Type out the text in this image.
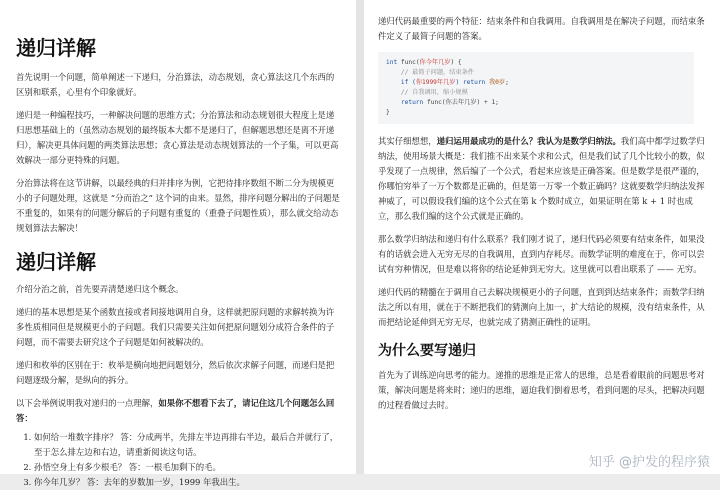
递归详解

首先说明一个问题，简单阐述一下递归，分治算法，动态规划，贪心算法这几个东西的区别和联系，心里有个印象就好。

递归是一种编程技巧，一种解决问题的思维方式；分治算法和动态规划很大程度上是递归思想基础上的（虽然动态规划的最终版本大都不是递归了，但解题思想还是离不开递归），解决更具体问题的两类算法思想；贪心算法是动态规划算法的一个子集，可以更高效解决一部分更特殊的问题。

分治算法将在这节讲解，以最经典的归并排序为例，它把待排序数组不断二分为规模更小的子问题处理，这就是 “分而治之” 这个词的由来。显然，排序问题分解出的子问题是不重复的，如果有的问题分解后的子问题有重复的（重叠子问题性质），那么就交给动态规划算法去解决！

递归详解

介绍分治之前，首先要弄清楚递归这个概念。

递归的基本思想是某个函数直接或者间接地调用自身，这样就把原问题的求解转换为许多性质相同但是规模更小的子问题。我们只需要关注如何把原问题划分成符合条件的子问题，而不需要去研究这个子问题是如何被解决的。

递归和枚举的区别在于：枚举是横向地把问题划分，然后依次求解子问题，而递归是把问题逐级分解，是纵向的拆分。

以下会举例说明我对递归的一点理解，如果你不想看下去了，请记住这几个问题怎么回答：

1. 如何给一堆数字排序？ 答：分成两半，先排左半边再排右半边，最后合并就行了，至于怎么排左边和右边，请重新阅读这句话。
2. 孙悟空身上有多少根毛？ 答：一根毛加剩下的毛。
3. 你今年几岁？ 答：去年的岁数加一岁，1999 年我出生。

递归代码最重要的两个特征：结束条件和自我调用。自我调用是在解决子问题，而结束条件定义了最简子问题的答案。

int func(你今年几岁) {
// 最简子问题，结束条件
if (你1999年几岁) return 我0岁;
// 自我调用，缩小规模
return func(你去年几岁) + 1;
}

其实仔细想想，递归运用最成功的是什么？我认为是数学归纳法。我们高中都学过数学归纳法，使用场景大概是：我们推不出来某个求和公式，但是我们试了几个比较小的数，似乎发现了一点规律，然后编了一个公式，看起来应该是正确答案。但是数学是很严谨的，你哪怕穷举了一万个数都是正确的，但是第一万零一个数正确吗？这就要数学归纳法发挥神威了，可以假设我们编的这个公式在第 k 个数时成立，如果证明在第 k + 1 时也成立，那么我们编的这个公式就是正确的。

那么数学归纳法和递归有什么联系？我们刚才说了，递归代码必须要有结束条件，如果没有的话就会进入无穷无尽的自我调用，直到内存耗尽。而数学证明的难度在于，你可以尝试有穷种情况，但是难以将你的结论延伸到无穷大。这里就可以看出联系了 —— 无穷。

递归代码的精髓在于调用自己去解决规模更小的子问题，直到到达结束条件；而数学归纳法之所以有用，就在于不断把我们的猜测向上加一，扩大结论的规模，没有结束条件，从而把结论延伸到无穷无尽，也就完成了猜测正确性的证明。

为什么要写递归

首先为了训练逆向思考的能力。递推的思维是正常人的思维，总是看着眼前的问题思考对策，解决问题是将来时；递归的思维，逼迫我们倒着思考，看到问题的尽头，把解决问题的过程看做过去时。

知乎 @护发的程序猿
